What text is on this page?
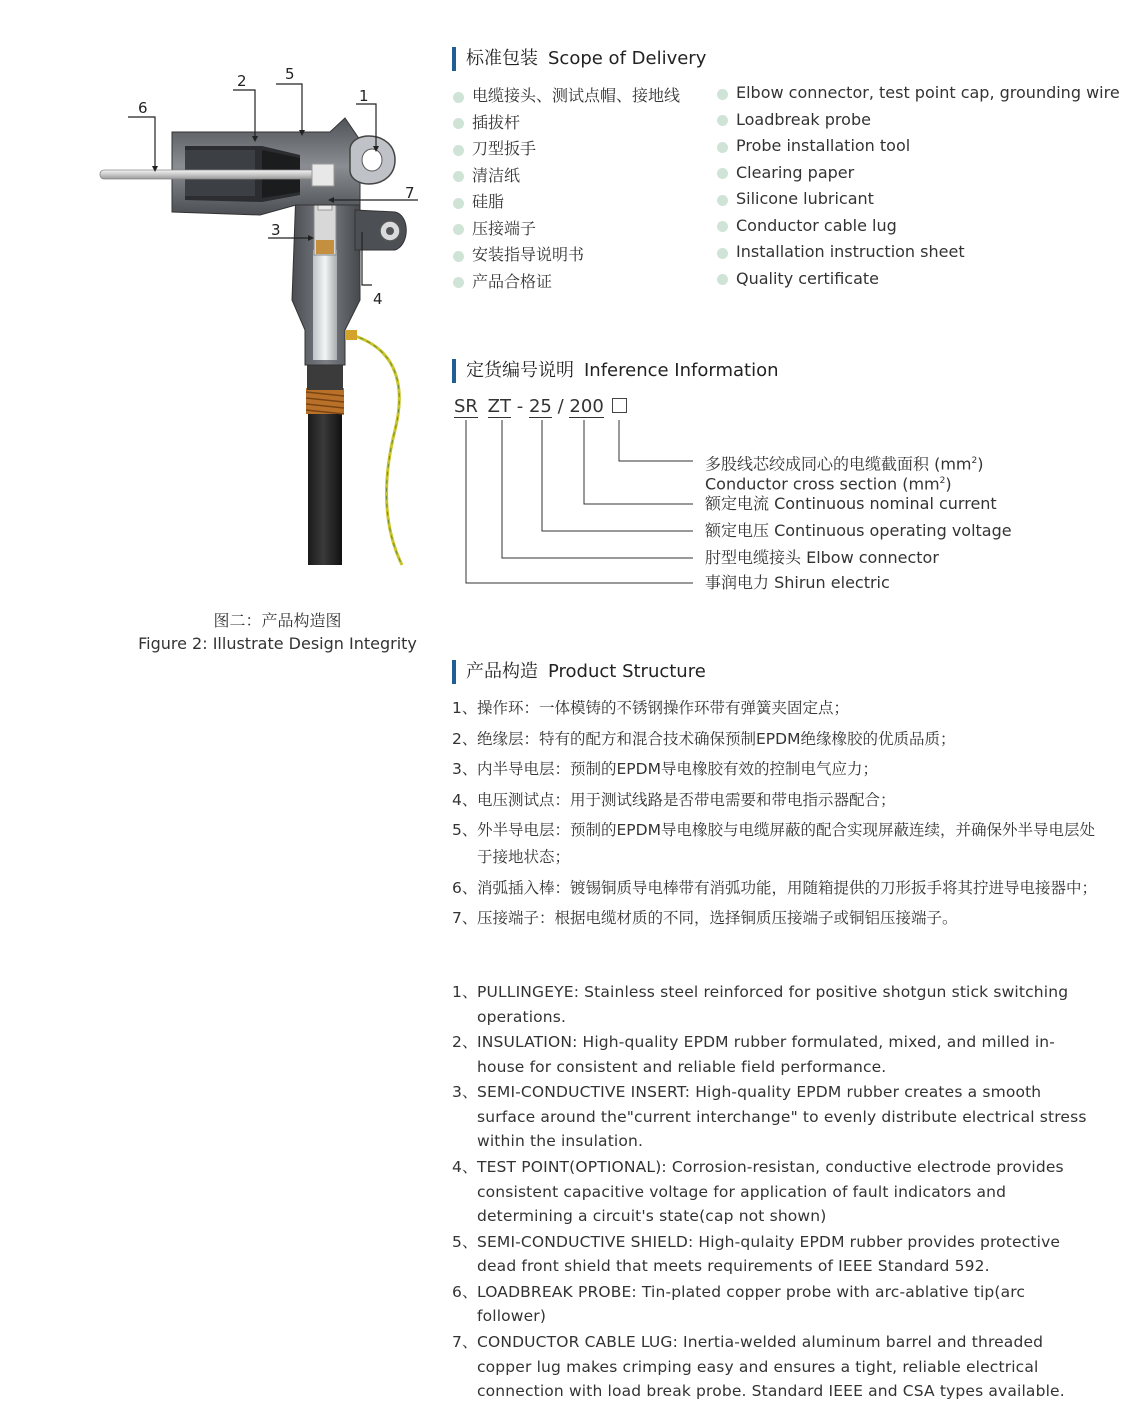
6
2	5
1
7
3
4
图二：产品构造图
Figure 2: Illustrate Design Integrity
标准包装 Scope of Delivery
电缆接头、测试点帽、接地线
插拔杆
刀型扳手
清洁纸
硅脂
压接端子
安装指导说明书
产品合格证
Elbow connector, test point cap, grounding wire
Loadbreak probe
Probe installation tool
Clearing paper
Silicone lubricant
Conductor cable lug
Installation instruction sheet
Quality certificate
定货编号说明 Inference Information
SR ZT - 25 / 200
多股线芯绞成同心的电缆截面积 $(mm^2)$
Conductor cross section $(mm^2)$
额定电流 Continuous nominal current
额定电压 Continuous operating voltage
肘型电缆接头 Elbow connector
事润电力 Shirun electric
产品构造 Product Structure
1、 操作环：一体模铸的不锈钢操作环带有弹簧夹固定点；
2、 绝缘层：特有的配方和混合技术确保预制EPDM绝缘橡胶的优质品质；
3、 内半导电层：预制的EPDM导电橡胶有效的控制电气应力；
4、 电压测试点：用于测试线路是否带电需要和带电指示器配合；
5、 外半导电层：预制的EPDM导电橡胶与电缆屏蔽的配合实现屏蔽连续，并确保外半导电层处于接地状态；
6、 消弧插入棒：镀锡铜质导电棒带有消弧功能，用随箱提供的刀形扳手将其拧进导电接器中；
7、 压接端子：根据电缆材质的不同，选择铜质压接端子或铜铝压接端子。
1、 PULLINGEYE: Stainless steel reinforced for positive shotgun stick switching operations.
2、 INSULATION: High-quality EPDM rubber formulated, mixed, and milled in-house for consistent and reliable field performance.
3、 SEMI-CONDUCTIVE INSERT: High-quality EPDM rubber creates a smooth surface around the"current interchange" to evenly distribute electrical stress within the insulation.
4、 TEST POINT(OPTIONAL): Corrosion-resistan, conductive electrode provides consistent capacitive voltage for application of fault indicators and determining a circuit's state(cap not shown)
5、 SEMI-CONDUCTIVE SHIELD: High-qulaity EPDM rubber provides protective dead front shield that meets requirements of IEEE Standard 592.
6、 LOADBREAK PROBE: Tin-plated copper probe with arc-ablative tip(arc follower)
7、 CONDUCTOR CABLE LUG: Inertia-welded aluminum barrel and threaded copper lug makes crimping easy and ensures a tight, reliable electrical connection with load break probe. Standard IEEE and CSA types available.
